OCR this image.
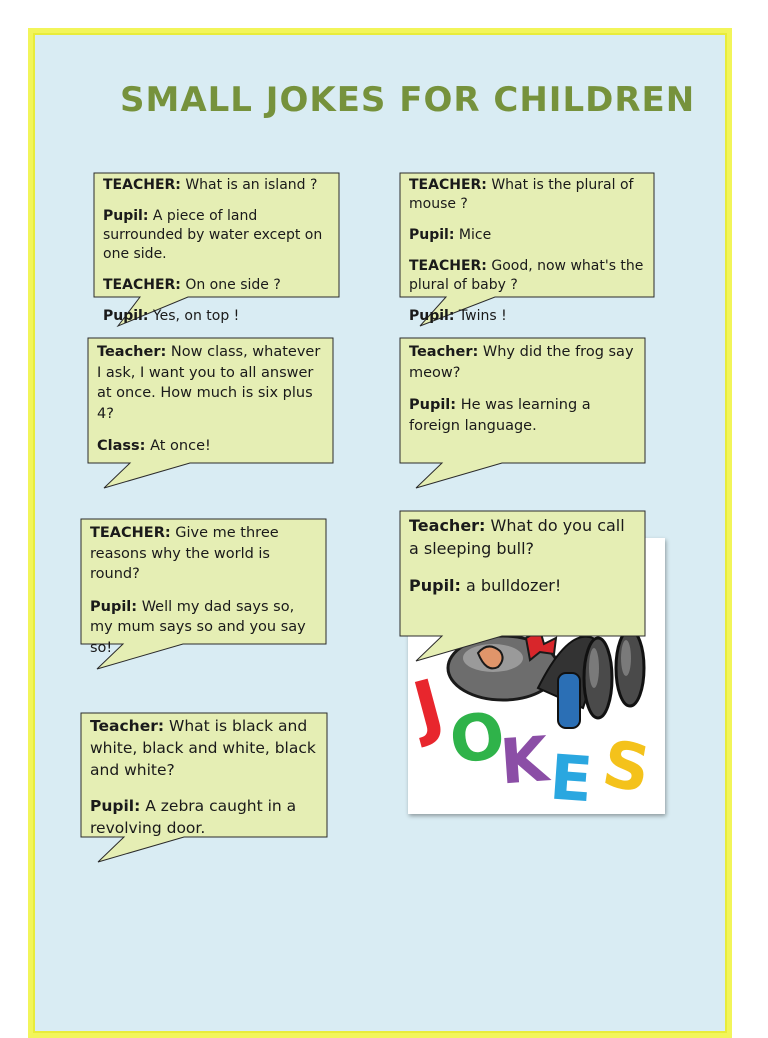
SMALL JOKES FOR CHILDREN
J
O
K
E S

TEACHER: What is an island ?

Pupil: A piece of land surrounded by water except on one side.

TEACHER: On one side ?

Pupil: Yes, on top !

TEACHER: What is the plural of mouse ?

Pupil: Mice

TEACHER: Good, now what's the plural of baby ?

Pupil: Twins !

Teacher: Now class, whatever I ask, I want you to all answer at once. How much is six plus 4?

Class: At once!

Teacher: Why did the frog say meow?

Pupil: He was learning a foreign language.

TEACHER: Give me three reasons why the world is round?

Pupil: Well my dad says so, my mum says so and you say so!

Teacher: What do you call a sleeping bull?

Pupil: a bulldozer!

Teacher: What is black and white, black and white, black and white?

Pupil: A zebra caught in a revolving door.
